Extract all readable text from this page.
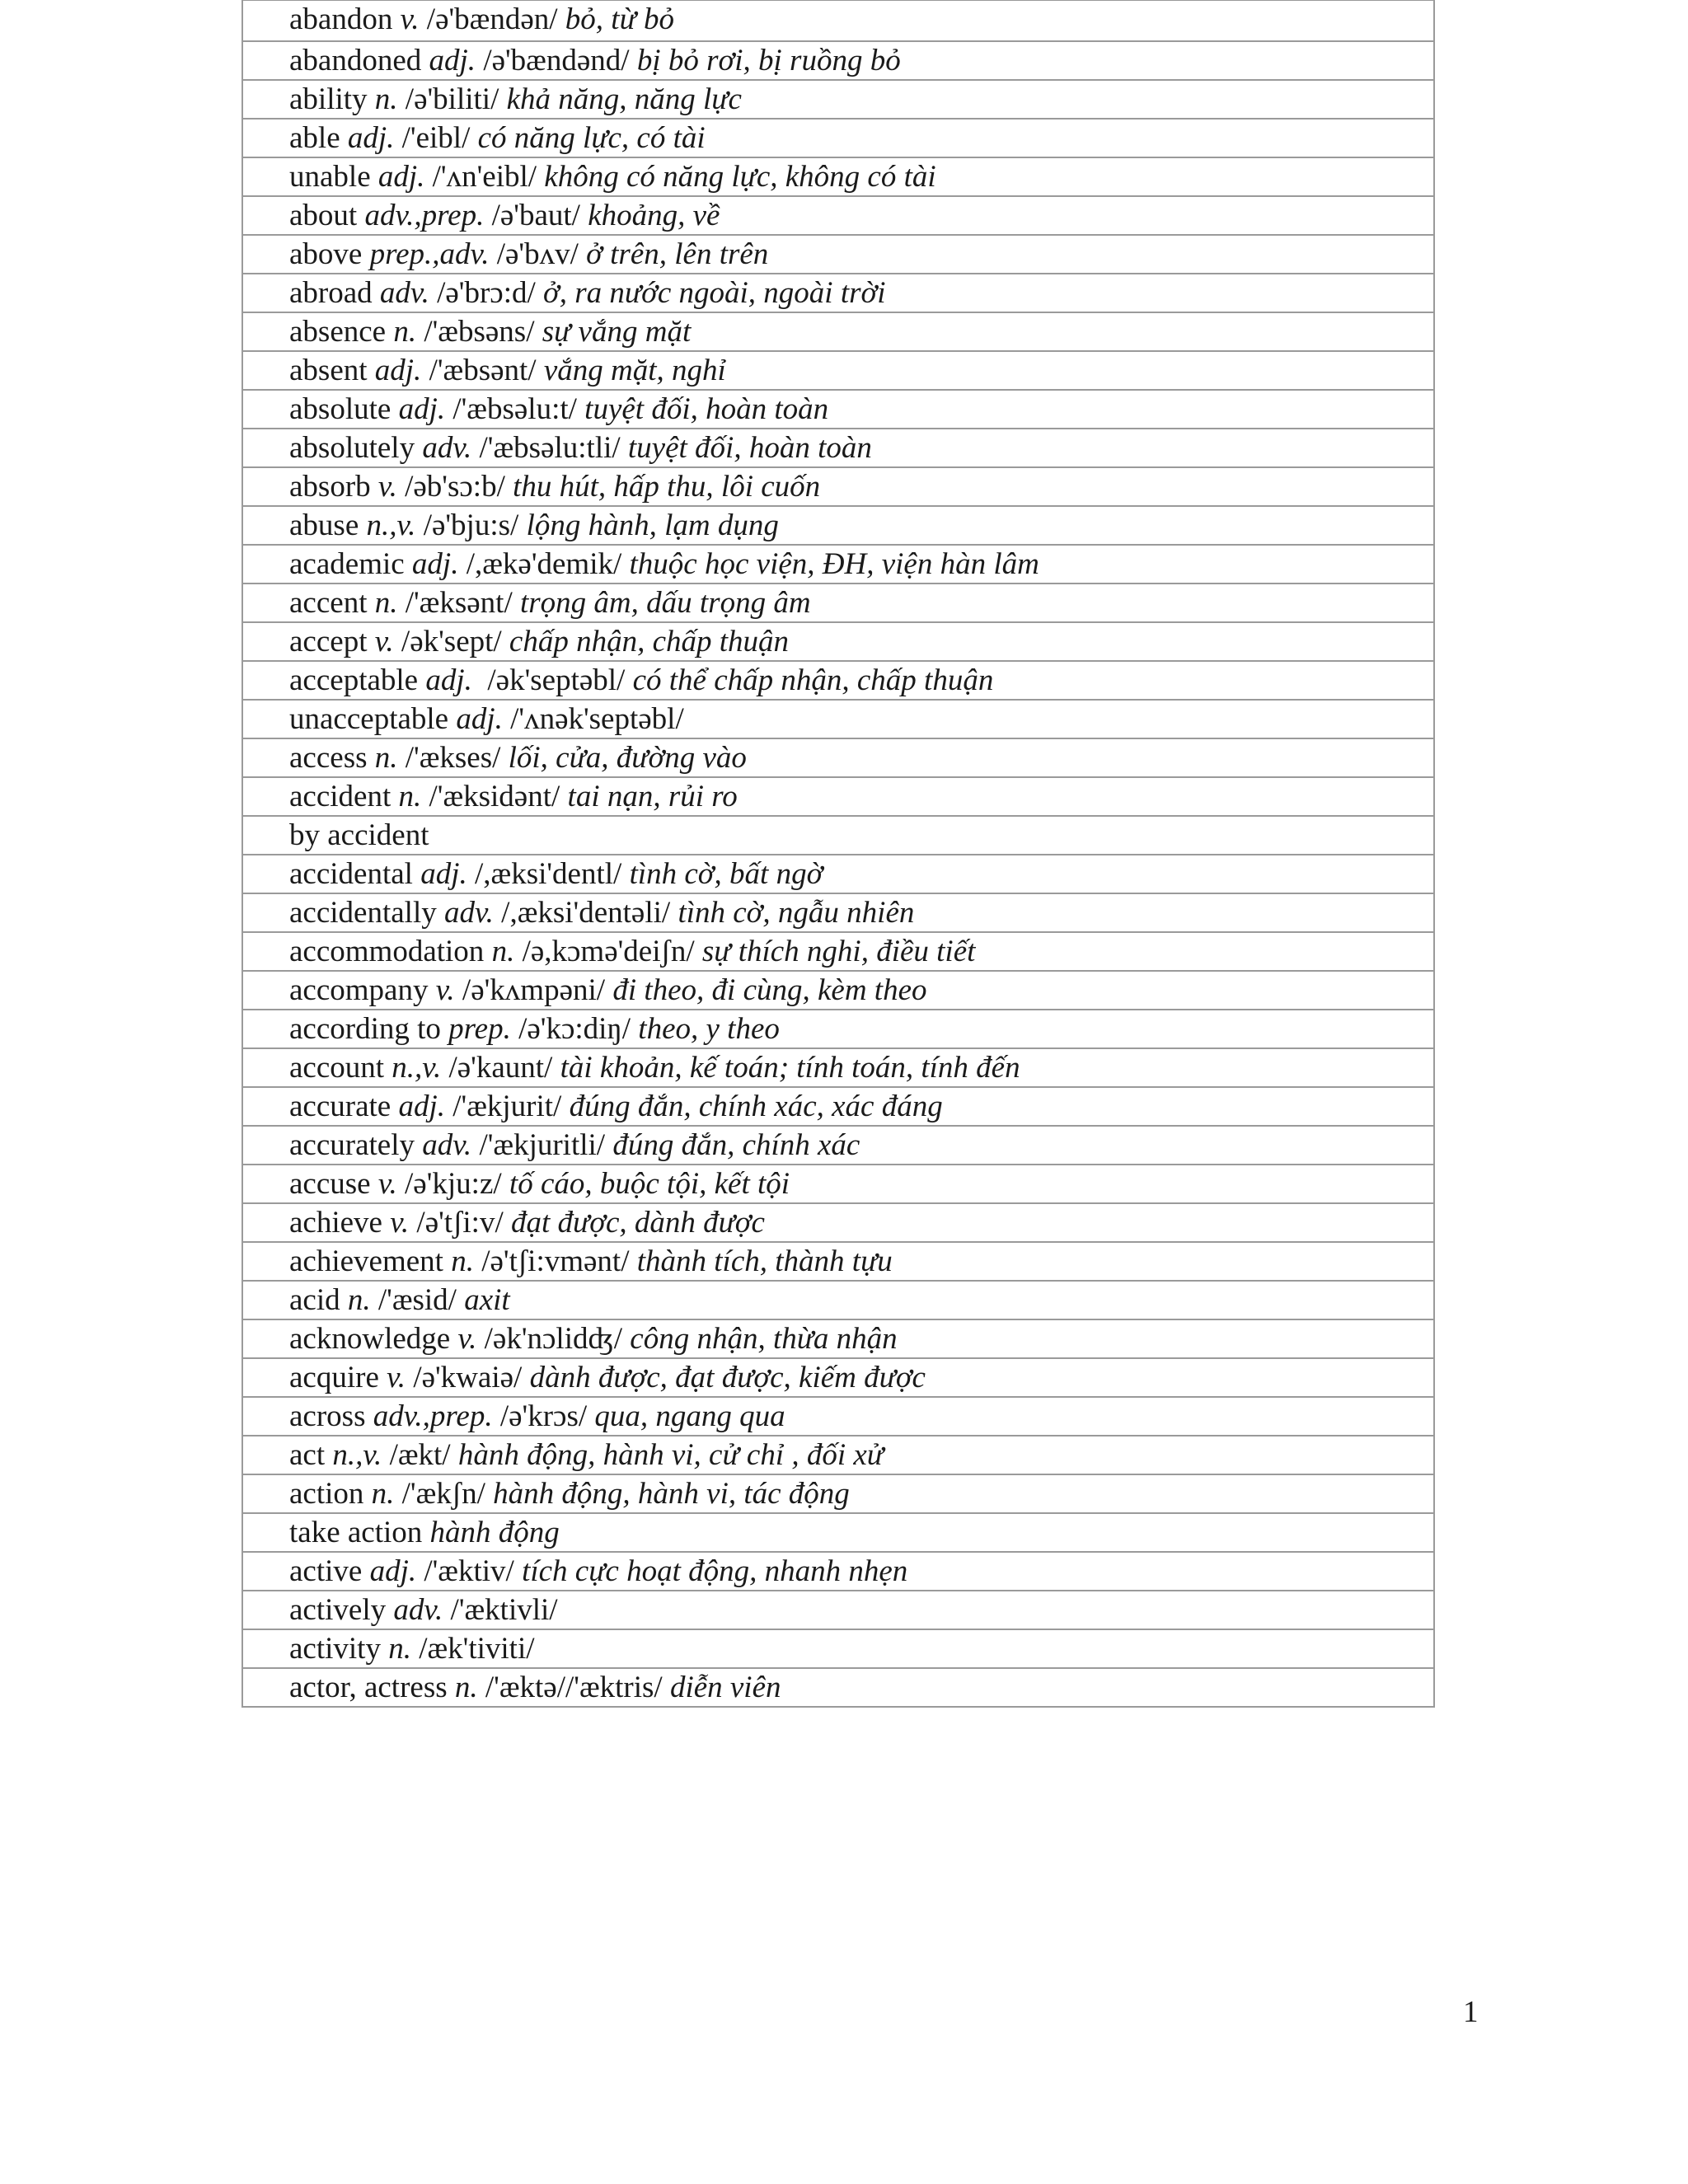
abandon v. /ə'bændən/ bỏ, từ bỏ
abandoned adj. /ə'bændənd/ bị bỏ rơi, bị ruồng bỏ
ability n. /ə'biliti/ khả năng, năng lực
able adj. /'eibl/ có năng lực, có tài
unable adj. /'ʌn'eibl/ không có năng lực, không có tài
about adv.,prep. /ə'baut/ khoảng, về
above prep.,adv. /ə'bʌv/ ở trên, lên trên
abroad adv. /ə'brɔ:d/ ở, ra nước ngoài, ngoài trời
absence n. /'æbsəns/ sự vắng mặt
absent adj. /'æbsənt/ vắng mặt, nghỉ
absolute adj. /'æbsəlu:t/ tuyệt đối, hoàn toàn
absolutely adv. /'æbsəlu:tli/ tuyệt đối, hoàn toàn
absorb v. /əb'sɔ:b/ thu hút, hấp thu, lôi cuốn
abuse n.,v. /ə'bju:s/ lộng hành, lạm dụng
academic adj. /,ækə'demik/ thuộc học viện, ĐH, viện hàn lâm
accent n. /'æksənt/ trọng âm, dấu trọng âm
accept v. /ək'sept/ chấp nhận, chấp thuận
acceptable adj.  /ək'septəbl/ có thể chấp nhận, chấp thuận
unacceptable adj. /'ʌnək'septəbl/
access n. /'ækses/ lối, cửa, đường vào
accident n. /'æksidənt/ tai nạn, rủi ro
by accident
accidental adj. /,æksi'dentl/ tình cờ, bất ngờ
accidentally adv. /,æksi'dentəli/ tình cờ, ngẫu nhiên
accommodation n. /ə,kɔmə'deiʃn/ sự thích nghi, điều tiết
accompany v. /ə'kʌmpəni/ đi theo, đi cùng, kèm theo
according to prep. /ə'kɔ:diŋ/ theo, y theo
account n.,v. /ə'kaunt/ tài khoản, kế toán; tính toán, tính đến
accurate adj. /'ækjurit/ đúng đắn, chính xác, xác đáng
accurately adv. /'ækjuritli/ đúng đắn, chính xác
accuse v. /ə'kju:z/ tố cáo, buộc tội, kết tội
achieve v. /ə'tʃi:v/ đạt được, dành được
achievement n. /ə'tʃi:vmənt/ thành tích, thành tựu
acid n. /'æsid/ axit
acknowledge v. /ək'nɔlidʤ/ công nhận, thừa nhận
acquire v. /ə'kwaiə/ dành được, đạt được, kiếm được
across adv.,prep. /ə'krɔs/ qua, ngang qua
act n.,v. /ækt/ hành động, hành vi, cử chỉ , đối xử
action n. /'ækʃn/ hành động, hành vi, tác động
take action hành động
active adj. /'æktiv/ tích cực hoạt động, nhanh nhẹn
actively adv. /'æktivli/
activity n. /æk'tiviti/
actor, actress n. /'æktə//'æktris/ diễn viên
1
